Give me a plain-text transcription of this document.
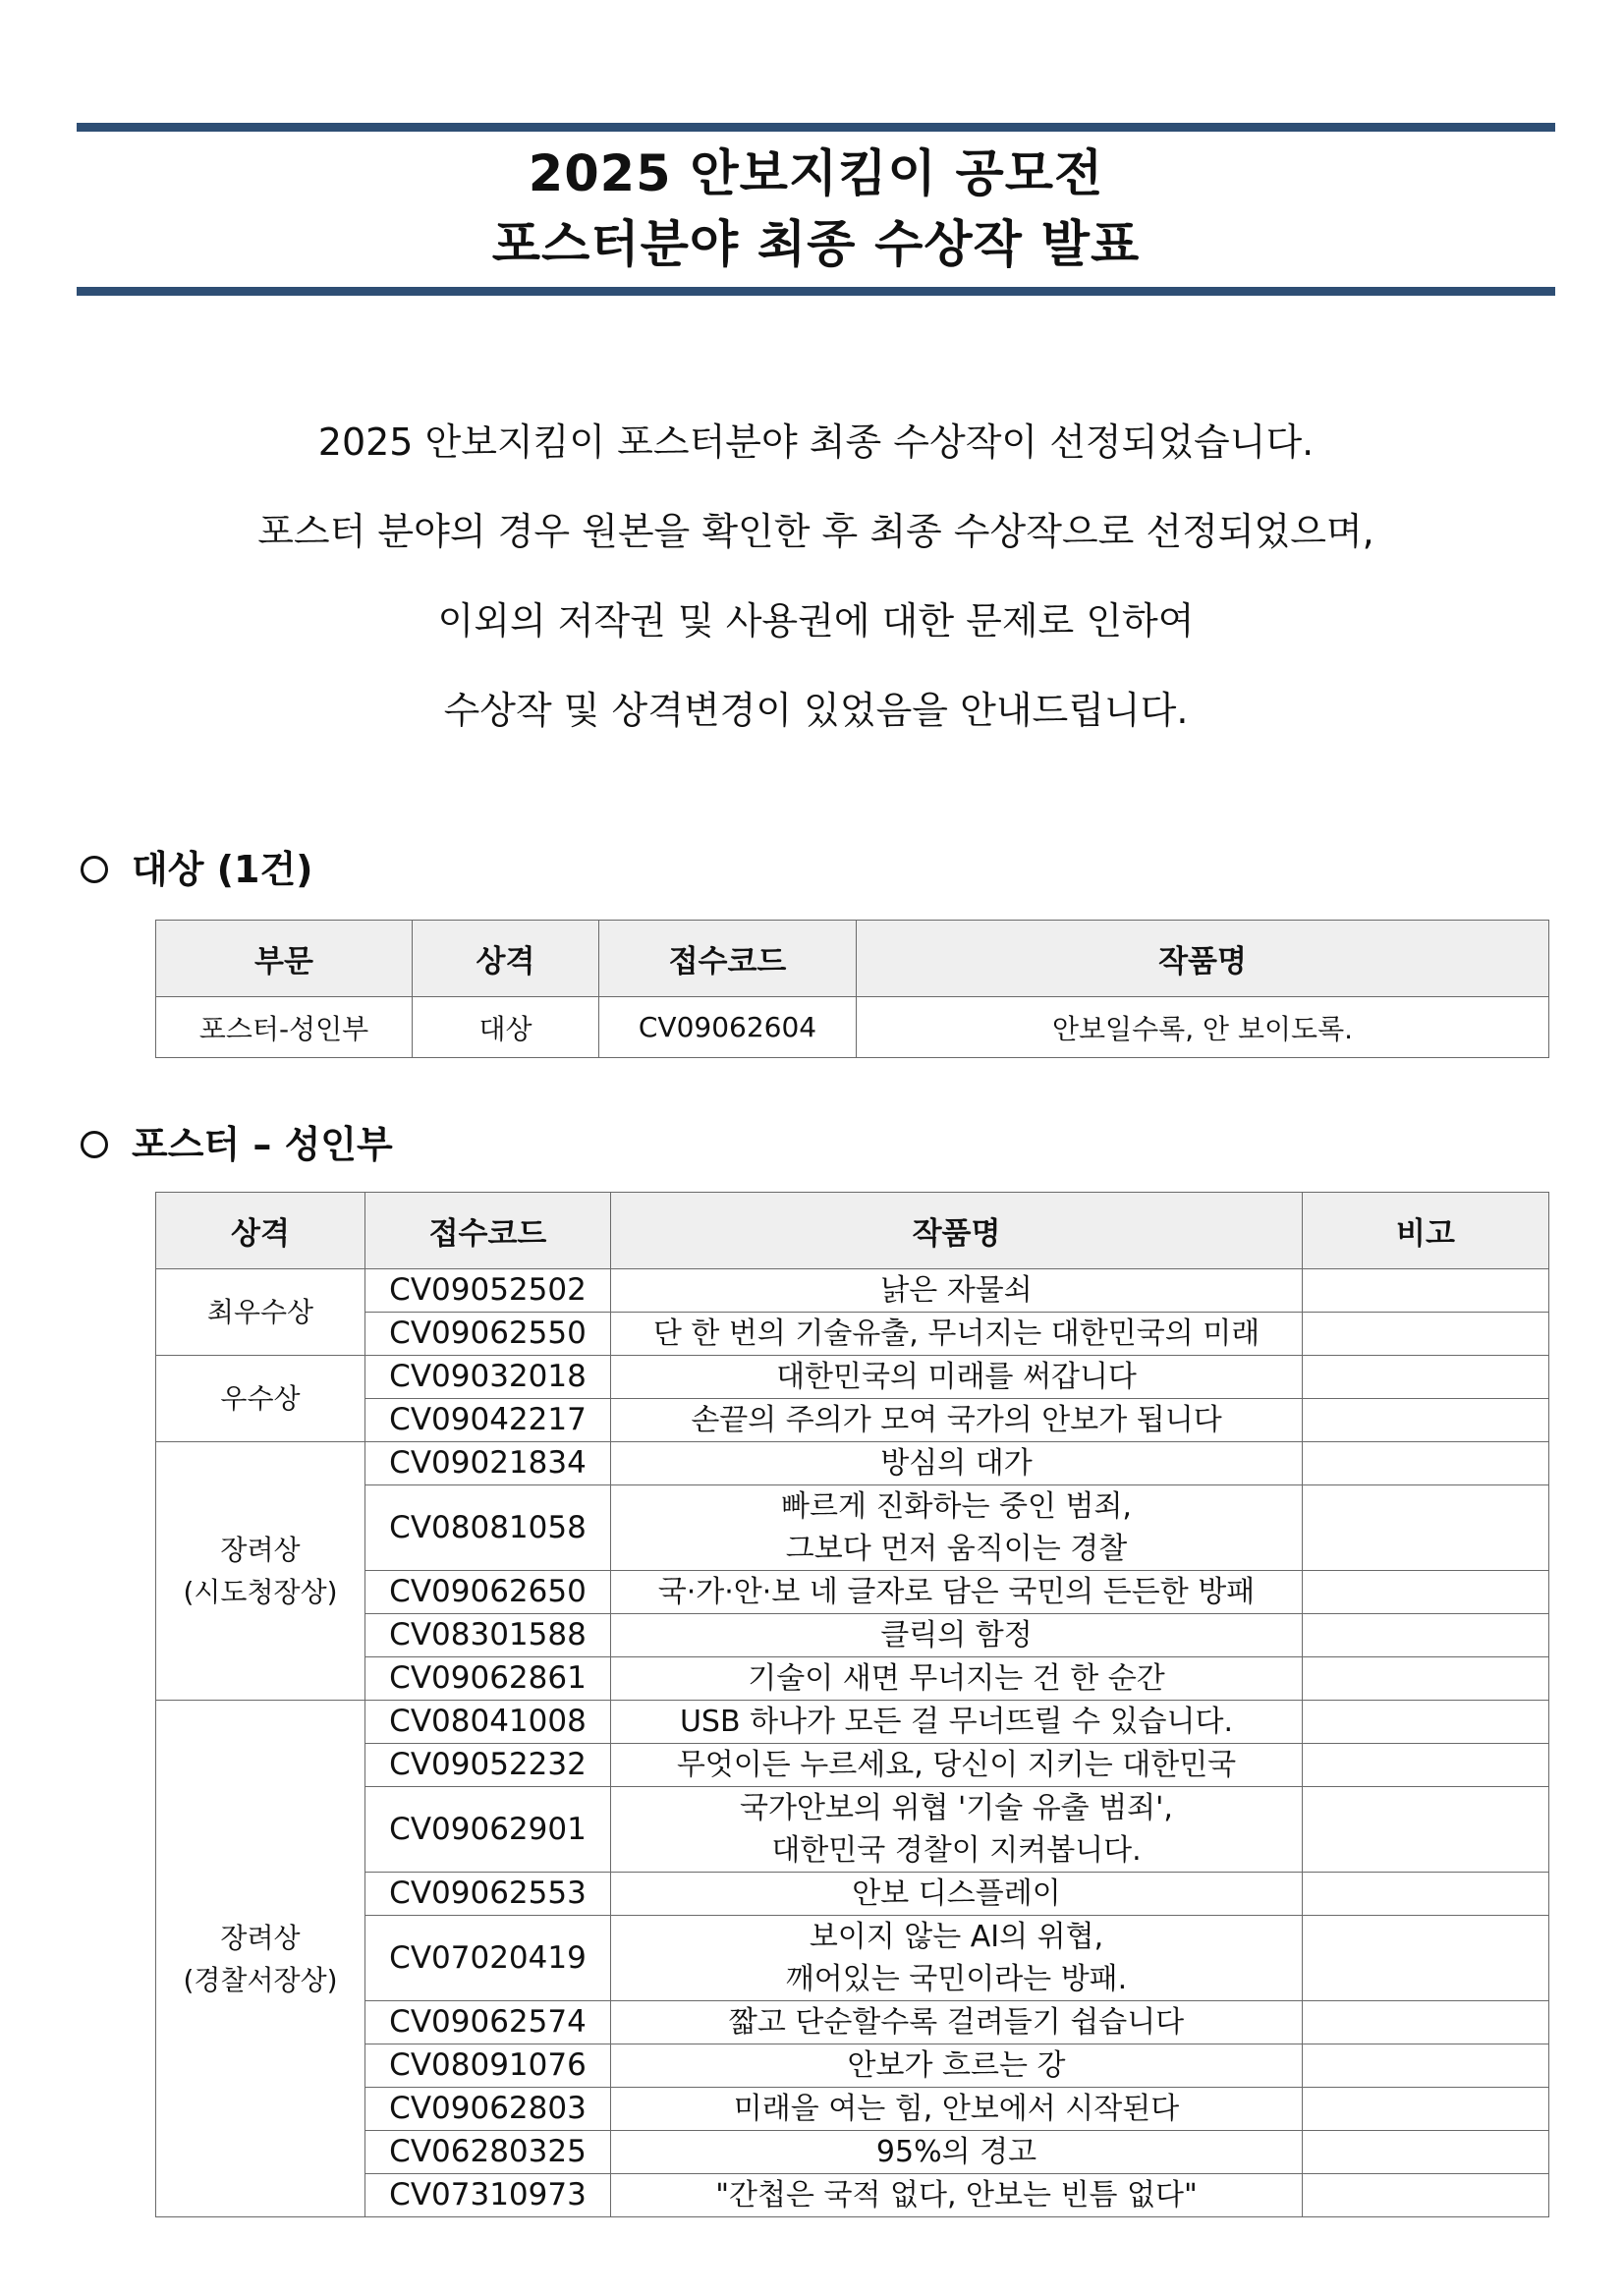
2025 안보지킴이 공모전
포스터분야 최종 수상작 발표
2025 안보지킴이 포스터분야 최종 수상작이 선정되었습니다.
포스터 분야의 경우 원본을 확인한 후 최종 수상작으로 선정되었으며,
이외의 저작권 및 사용권에 대한 문제로 인하여
수상작 및 상격변경이 있었음을 안내드립니다.
대상 (1건)
부문	상격	접수코드	작품명
포스터-성인부	대상	CV09062604	안보일수록, 안 보이도록.
포스터 – 성인부
상격	접수코드	작품명	비고
최우수상	CV09052502	낡은 자물쇠	
	CV09062550	단 한 번의 기술유출, 무너지는 대한민국의 미래	
우수상	CV09032018	대한민국의 미래를 써갑니다	
	CV09042217	손끝의 주의가 모여 국가의 안보가 됩니다	
장려상
(시도청장상)	CV09021834	방심의 대가	
	CV08081058	빠르게 진화하는 중인 범죄,
그보다 먼저 움직이는 경찰	
	CV09062650	국·가·안·보 네 글자로 담은 국민의 든든한 방패	
	CV08301588	클릭의 함정	
	CV09062861	기술이 새면 무너지는 건 한 순간	
장려상
(경찰서장상)	CV08041008	USB 하나가 모든 걸 무너뜨릴 수 있습니다.	
	CV09052232	무엇이든 누르세요, 당신이 지키는 대한민국	
	CV09062901	국가안보의 위협 '기술 유출 범죄',
대한민국 경찰이 지켜봅니다.	
	CV09062553	안보 디스플레이	
	CV07020419	보이지 않는 AI의 위협,
깨어있는 국민이라는 방패.	
	CV09062574	짧고 단순할수록 걸려들기 쉽습니다	
	CV08091076	안보가 흐르는 강	
	CV09062803	미래을 여는 힘, 안보에서 시작된다	
	CV06280325	95%의 경고	
	CV07310973	"간첩은 국적 없다, 안보는 빈틈 없다"	
